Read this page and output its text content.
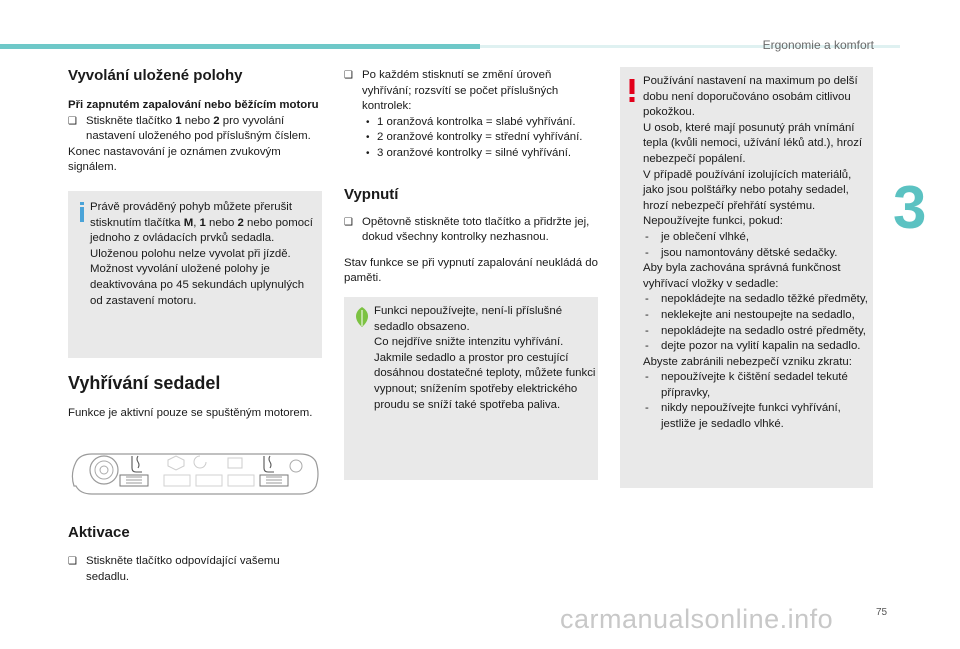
Ergonomie a komfort
3
Vyvolání uložené polohy

Při zapnutém zapalování nebo běžícím motoru

❑ Stiskněte tlačítko 1 nebo 2 pro vyvolání nastavení uloženého pod příslušným číslem.

Konec nastavování je oznámen zvukovým signálem.

Právě prováděný pohyb můžete přerušit stisknutím tlačítka M, 1 nebo 2 nebo pomocí jednoho z ovládacích prvků sedadla.

Uloženou polohu nelze vyvolat při jízdě.

Možnost vyvolání uložené polohy je deaktivována po 45 sekundách uplynulých od zastavení motoru.

Vyhřívání sedadel

Funkce je aktivní pouze se spuštěným motorem.

Aktivace
❑ Stiskněte tlačítko odpovídající vašemu sedadlu.
❑ Po každém stisknutí se změní úroveň vyhřívání; rozsvítí se počet příslušných kontrolek:
• 1 oranžová kontrolka = slabé vyhřívání.
• 2 oranžové kontrolky = střední vyhřívání.
• 3 oranžové kontrolky = silné vyhřívání.
Vypnutí
❑ Opětovně stiskněte toto tlačítko a přidržte jej, dokud všechny kontrolky nezhasnou.

Stav funkce se při vypnutí zapalování neukládá do paměti.

Funkci nepoužívejte, není-li příslušné sedadlo obsazeno.

Co nejdříve snižte intenzitu vyhřívání.

Jakmile sedadlo a prostor pro cestující dosáhnou dostatečné teploty, můžete funkci vypnout; snížením spotřeby elektrického proudu se sníží také spotřeba paliva.

Používání nastavení na maximum po delší dobu není doporučováno osobám citlivou pokožkou.

U osob, které mají posunutý práh vnímání tepla (kvůli nemoci, užívání léků atd.), hrozí nebezpečí popálení.

V případě používání izolujících materiálů, jako jsou polštářky nebo potahy sedadel, hrozí nebezpečí přehřátí systému.

Nepoužívejte funkci, pokud:

- je oblečení vlhké,
- jsou namontovány dětské sedačky.

Aby byla zachována správná funkčnost vyhřívací vložky v sedadle:

- nepokládejte na sedadlo těžké předměty,
- neklekejte ani nestoupejte na sedadlo,
- nepokládejte na sedadlo ostré předměty,
- dejte pozor na vylití kapalin na sedadlo.

Abyste zabránili nebezpečí vzniku zkratu:

- nepoužívejte k čištění sedadel tekuté přípravky,
- nikdy nepoužívejte funkci vyhřívání, jestliže je sedadlo vlhké.
75
carmanualsonline.info
